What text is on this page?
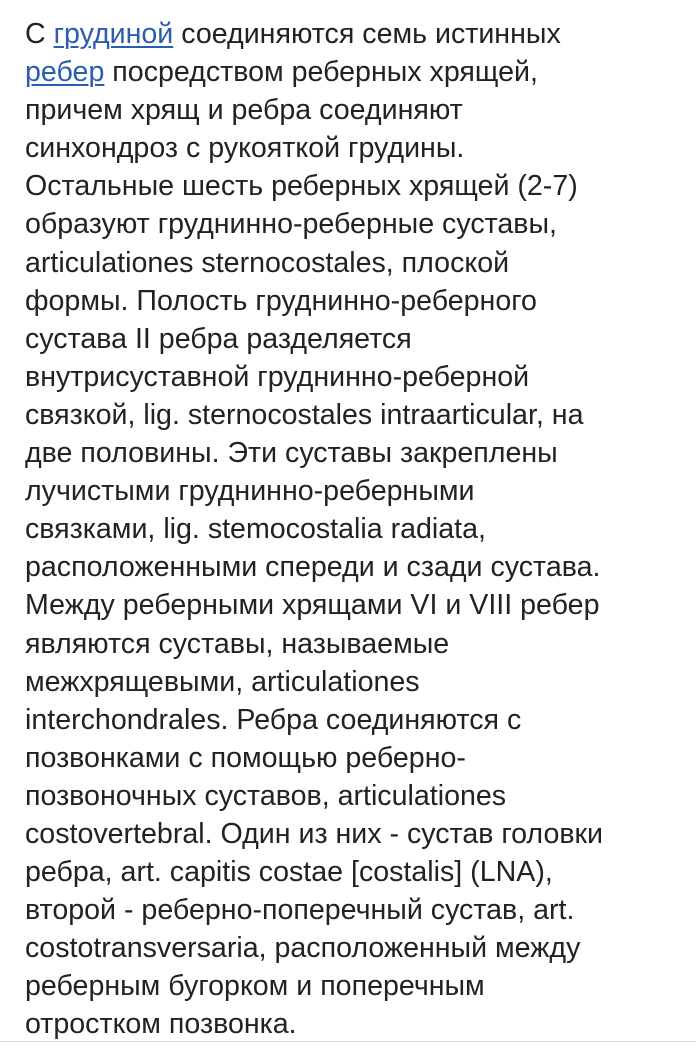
С грудиной соединяются семь истинных
ребер посредством реберных хрящей,
причем хрящ и ребра соединяют
синхондроз с рукояткой грудины.
Остальные шесть реберных хрящей (2-7)
образуют груднинно-реберные суставы,
articulationes sternocostales, плоской
формы. Полость груднинно-реберного
сустава II ребра разделяется
внутрисуставной груднинно-реберной
связкой, lig. sternocostales intraarticular, на
две половины. Эти суставы закреплены
лучистыми груднинно-реберными
связками, lig. stemocostalia radiata,
расположенными спереди и сзади сустава.
Между реберными хрящами VI и VIII ребер
являются суставы, называемые
межхрящевыми, articulationes
interchondrales. Ребра соединяются с
позвонками с помощью реберно-
позвоночных суставов, articulationes
costovertebral. Один из них - сустав головки
ребра, art. capitis costae [costalis] (LNA),
второй - реберно-поперечный сустав, art.
costotransversaria, расположенный между
реберным бугорком и поперечным
отростком позвонка.
